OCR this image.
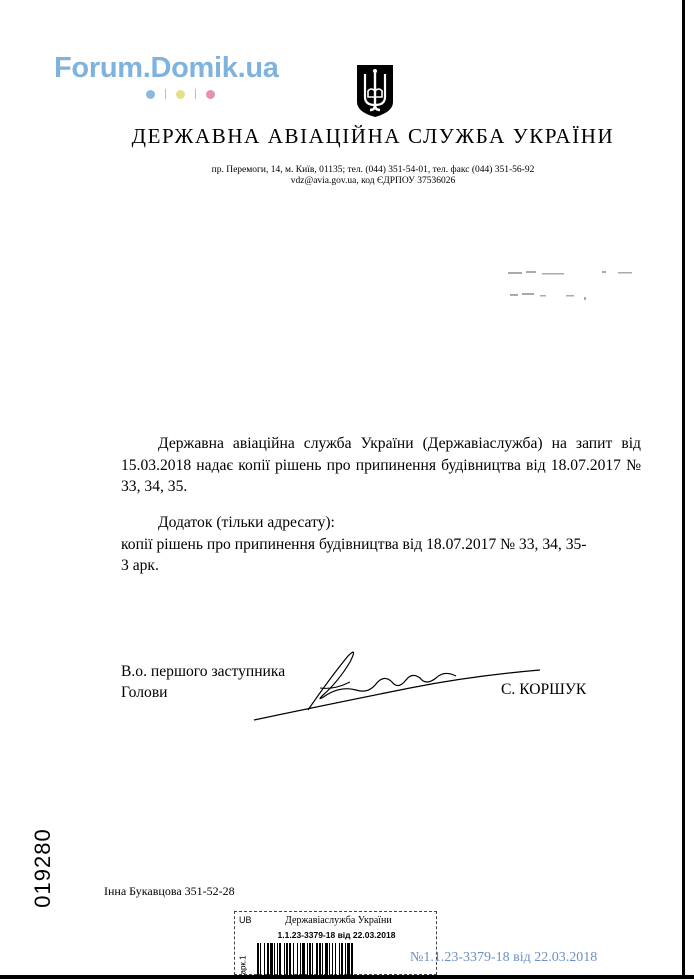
Forum.Domik.ua
ДЕРЖАВНА АВІАЦІЙНА СЛУЖБА УКРАЇНИ
пр. Перемоги, 14, м. Київ, 01135; тел. (044) 351-54-01, тел. факс (044) 351-56-92
vdz@avia.gov.ua, код ЄДРПОУ 37536026

Державна авіаційна служба України (Державіаслужба) на запит від 15.03.2018 надає копії рішень про припинення будівництва від 18.07.2017 № 33, 34, 35.

Додаток (тільки адресату):
копії рішень про припинення будівництва від 18.07.2017 № 33, 34, 35-
3 арк.
В.о. першого заступника
Голови	С. КОРШУК
019280	Інна Букавцова 351-52-28
UB	Державіаслужба України
1.1.23-3379-18 від 22.03.2018
арк.1	№1.1.23-3379-18 від 22.03.2018
